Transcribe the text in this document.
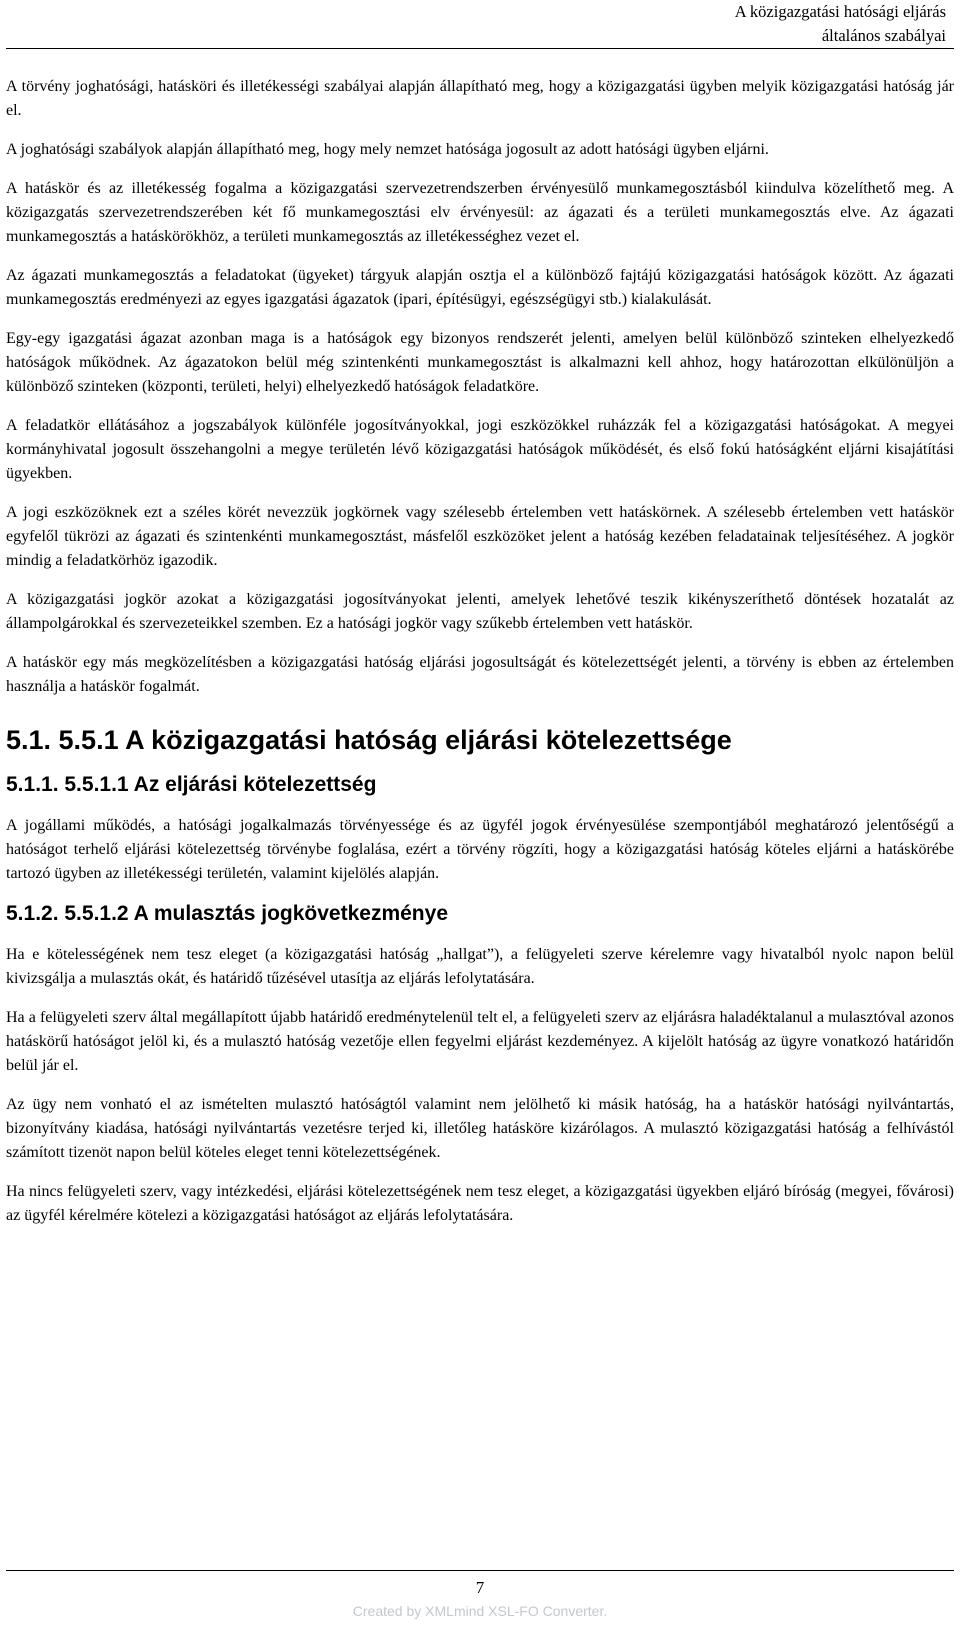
A közigazgatási hatósági eljárás
általános szabályai

A törvény joghatósági, hatásköri és illetékességi szabályai alapján állapítható meg, hogy a közigazgatási ügyben melyik közigazgatási hatóság jár el.

A joghatósági szabályok alapján állapítható meg, hogy mely nemzet hatósága jogosult az adott hatósági ügyben eljárni.

A hatáskör és az illetékesség fogalma a közigazgatási szervezetrendszerben érvényesülő munkamegosztásból kiindulva közelíthető meg. A közigazgatás szervezetrendszerében két fő munkamegosztási elv érvényesül: az ágazati és a területi munkamegosztás elve. Az ágazati munkamegosztás a hatáskörökhöz, a területi munkamegosztás az illetékességhez vezet el.

Az ágazati munkamegosztás a feladatokat (ügyeket) tárgyuk alapján osztja el a különböző fajtájú közigazgatási hatóságok között. Az ágazati munkamegosztás eredményezi az egyes igazgatási ágazatok (ipari, építésügyi, egészségügyi stb.) kialakulását.

Egy-egy igazgatási ágazat azonban maga is a hatóságok egy bizonyos rendszerét jelenti, amelyen belül különböző szinteken elhelyezkedő hatóságok működnek. Az ágazatokon belül még szintenkénti munkamegosztást is alkalmazni kell ahhoz, hogy határozottan elkülönüljön a különböző szinteken (központi, területi, helyi) elhelyezkedő hatóságok feladatköre.

A feladatkör ellátásához a jogszabályok különféle jogosítványokkal, jogi eszközökkel ruházzák fel a közigazgatási hatóságokat. A megyei kormányhivatal jogosult összehangolni a megye területén lévő közigazgatási hatóságok működését, és első fokú hatóságként eljárni kisajátítási ügyekben.

A jogi eszközöknek ezt a széles körét nevezzük jogkörnek vagy szélesebb értelemben vett hatáskörnek. A szélesebb értelemben vett hatáskör egyfelől tükrözi az ágazati és szintenkénti munkamegosztást, másfelől eszközöket jelent a hatóság kezében feladatainak teljesítéséhez. A jogkör mindig a feladatkörhöz igazodik.

A közigazgatási jogkör azokat a közigazgatási jogosítványokat jelenti, amelyek lehetővé teszik kikényszeríthető döntések hozatalát az állampolgárokkal és szervezeteikkel szemben. Ez a hatósági jogkör vagy szűkebb értelemben vett hatáskör.

A hatáskör egy más megközelítésben a közigazgatási hatóság eljárási jogosultságát és kötelezettségét jelenti, a törvény is ebben az értelemben használja a hatáskör fogalmát.

5.1. 5.5.1 A közigazgatási hatóság eljárási kötelezettsége
5.1.1. 5.5.1.1 Az eljárási kötelezettség

A jogállami működés, a hatósági jogalkalmazás törvényessége és az ügyfél jogok érvényesülése szempontjából meghatározó jelentőségű a hatóságot terhelő eljárási kötelezettség törvénybe foglalása, ezért a törvény rögzíti, hogy a közigazgatási hatóság köteles eljárni a hatáskörébe tartozó ügyben az illetékességi területén, valamint kijelölés alapján.

5.1.2. 5.5.1.2 A mulasztás jogkövetkezménye

Ha e kötelességének nem tesz eleget (a közigazgatási hatóság „hallgat”), a felügyeleti szerve kérelemre vagy hivatalból nyolc napon belül kivizsgálja a mulasztás okát, és határidő tűzésével utasítja az eljárás lefolytatására.

Ha a felügyeleti szerv által megállapított újabb határidő eredménytelenül telt el, a felügyeleti szerv az eljárásra haladéktalanul a mulasztóval azonos hatáskörű hatóságot jelöl ki, és a mulasztó hatóság vezetője ellen fegyelmi eljárást kezdeményez. A kijelölt hatóság az ügyre vonatkozó határidőn belül jár el.

Az ügy nem vonható el az ismételten mulasztó hatóságtól valamint nem jelölhető ki másik hatóság, ha a hatáskör hatósági nyilvántartás, bizonyítvány kiadása, hatósági nyilvántartás vezetésre terjed ki, illetőleg hatásköre kizárólagos. A mulasztó közigazgatási hatóság a felhívástól számított tizenöt napon belül köteles eleget tenni kötelezettségének.

Ha nincs felügyeleti szerv, vagy intézkedési, eljárási kötelezettségének nem tesz eleget, a közigazgatási ügyekben eljáró bíróság (megyei, fővárosi) az ügyfél kérelmére kötelezi a közigazgatási hatóságot az eljárás lefolytatására.

7
Created by XMLmind XSL-FO Converter.
